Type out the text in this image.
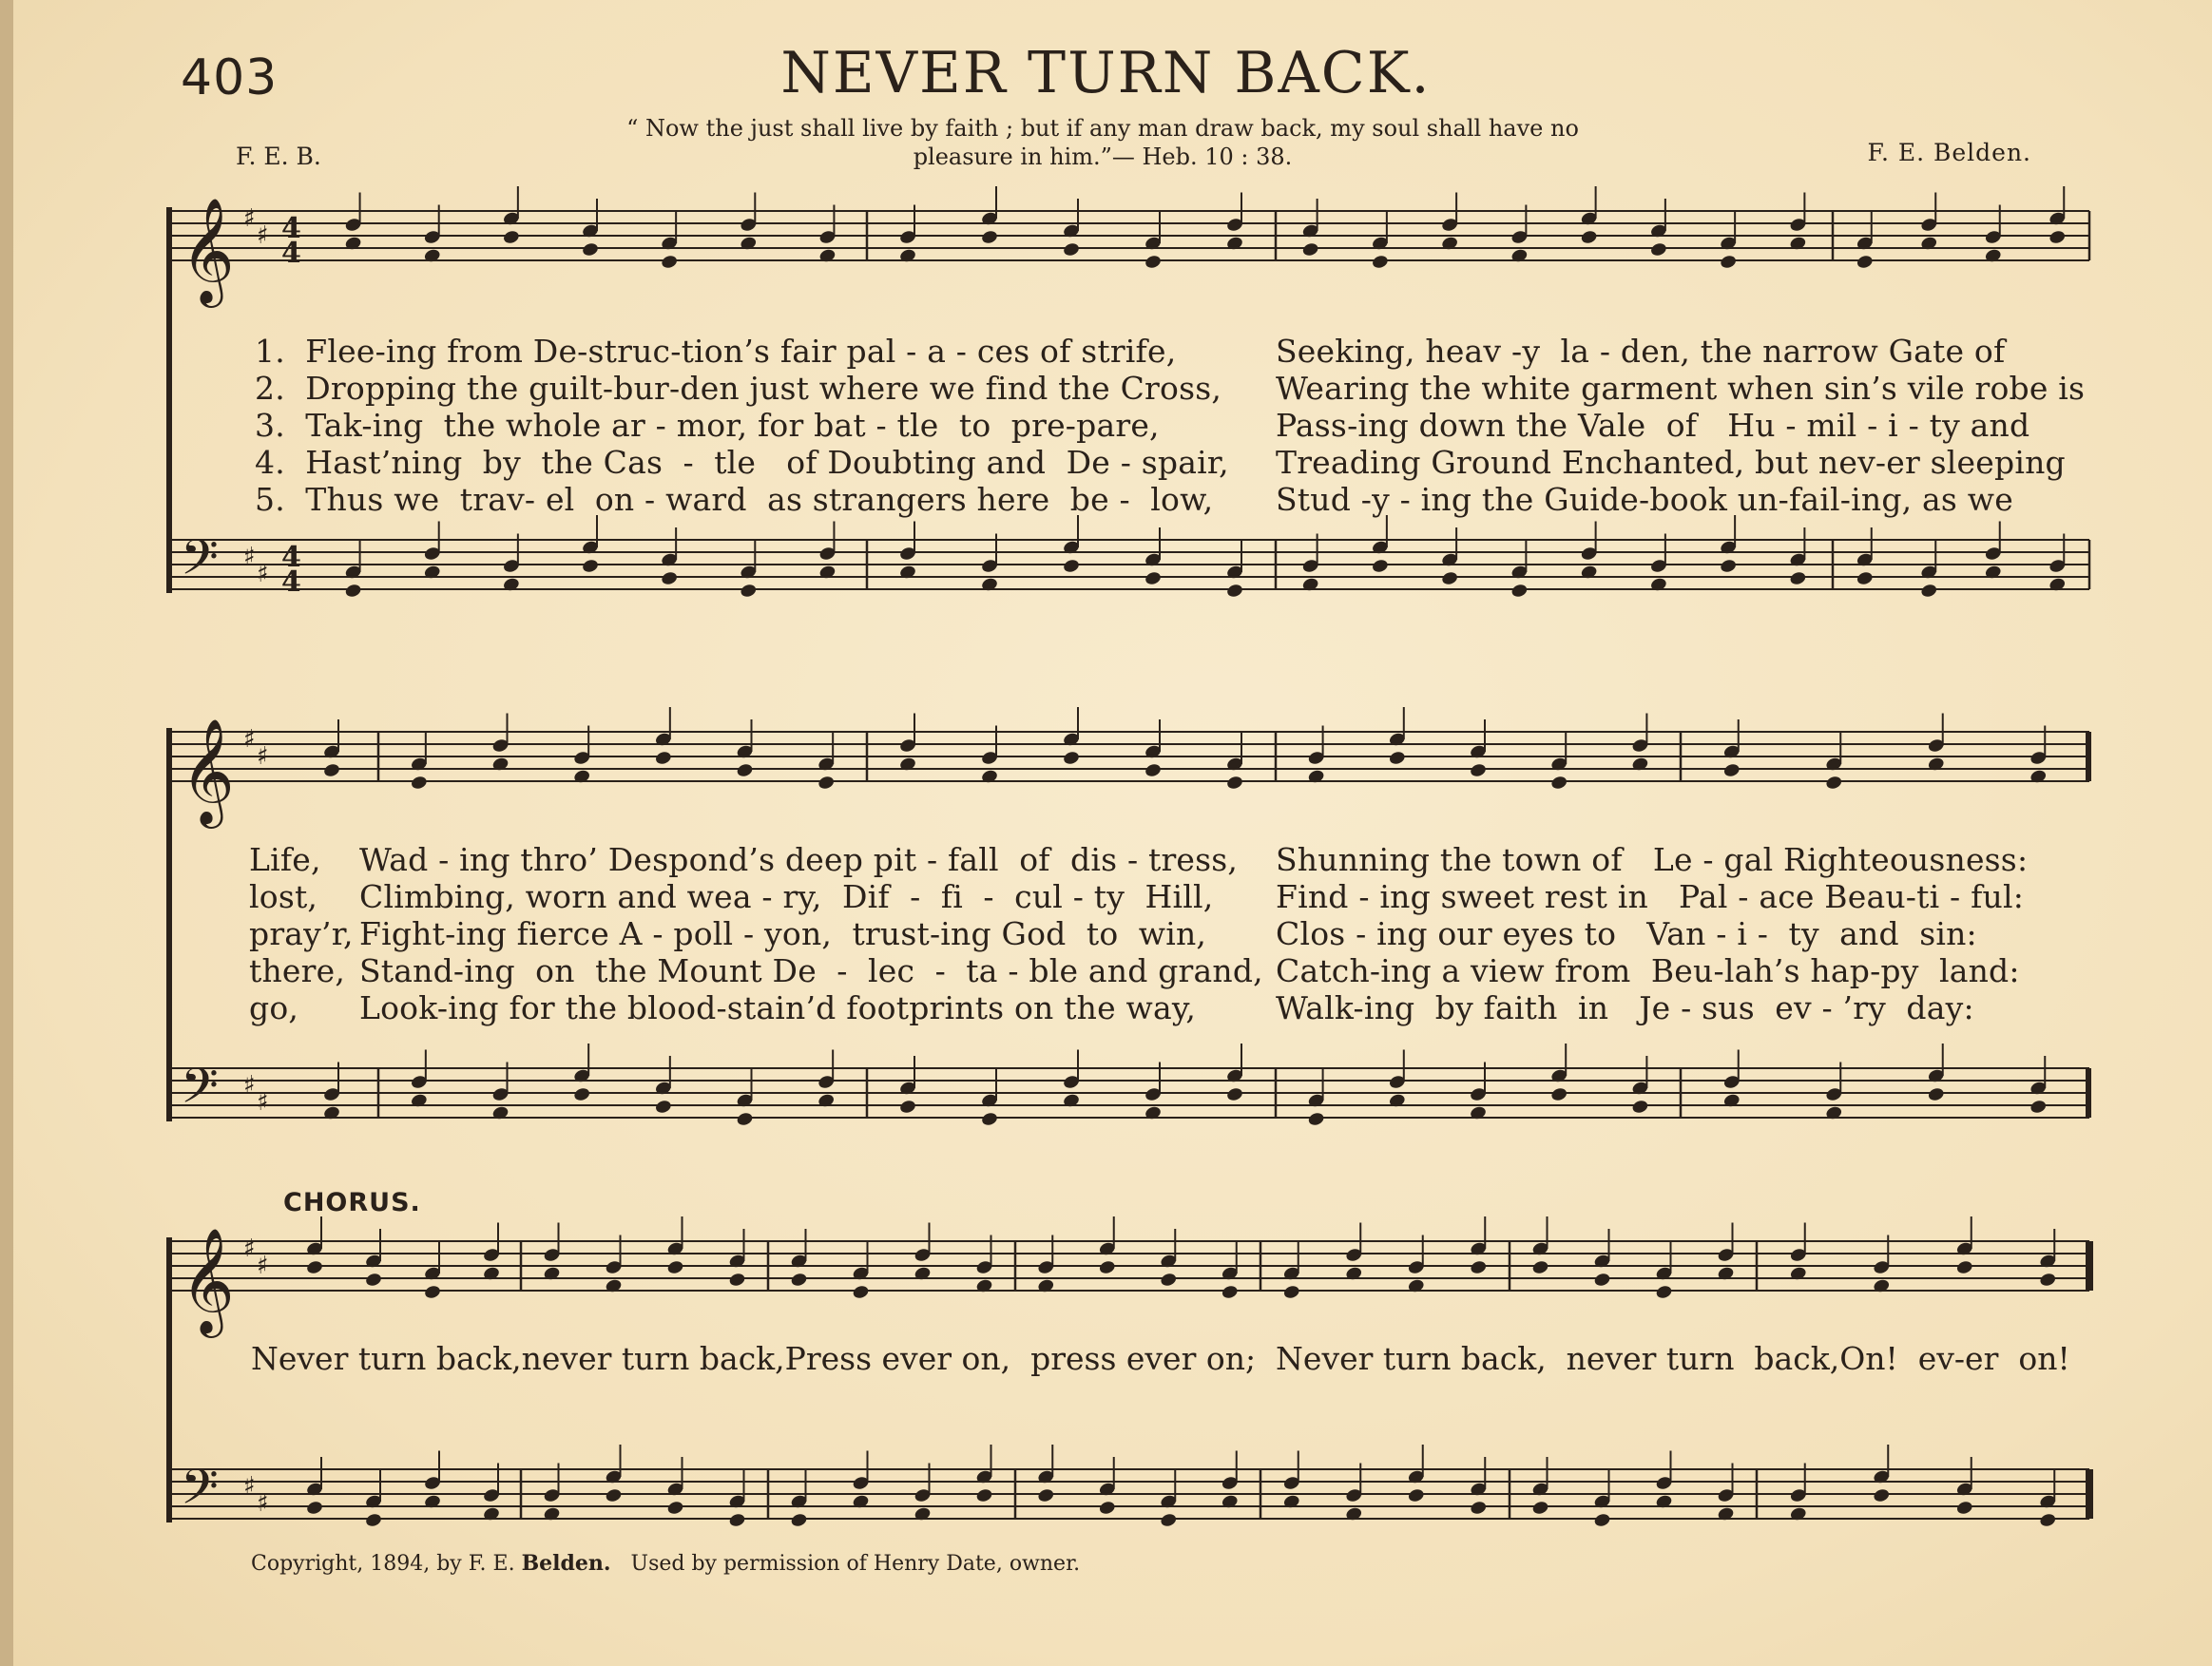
403	NEVER TURN BACK.
“ Now the just shall live by faith ; but if any man draw back, my soul shall have no
pleasure in him.”— Heb. 10 : 38.
F. E. B.	F. E. Belden.
𝄞
𝄢
♯
♯
♯
♯
4
4
4
4
𝄞
𝄢
♯
♯
♯
♯
𝄞
𝄢
♯
♯
♯
♯
1.  Flee-ing from De-struc-tion’s fair pal - a - ces of strife,
2.  Dropping the guilt-bur-den just where we find the Cross,
3.  Tak-ing  the whole ar - mor, for bat - tle  to  pre-pare,
4.  Hast’ning  by  the Cas  -  tle   of Doubting and  De - spair,
5.  Thus we  trav- el  on - ward  as strangers here  be -  low,
Seeking, heav -y  la - den, the narrow Gate of
Wearing the white garment when sin’s vile robe is
Pass-ing down the Vale  of   Hu - mil - i - ty and
Treading Ground Enchanted, but nev-er sleeping
Stud -y - ing the Guide-book un-fail-ing, as we
Life,
lost,
pray’r,
there,
go,
Wad - ing thro’ Despond’s deep pit - fall  of  dis - tress,
Climbing, worn and wea - ry,  Dif  -  fi  -  cul - ty  Hill,
Fight-ing fierce A - poll - yon,  trust-ing God  to  win,
Stand-ing  on  the Mount De  -  lec  -  ta - ble and grand,
Look-ing for the blood-stain’d footprints on the way,
Shunning the town of   Le - gal Righteousness:
Find - ing sweet rest in   Pal - ace Beau-ti - ful:
Clos - ing our eyes to   Van - i -  ty  and  sin:
Catch-ing a view from  Beu-lah’s hap-py  land:
Walk-ing  by faith  in   Je - sus  ev - ’ry  day:
CHORUS.
Never turn back,never turn back,Press ever on,  press ever on;  Never turn back,  never turn  back,On!  ev-er  on!
Copyright, 1894, by F. E. Belden. Used by permission of Henry Date, owner.
